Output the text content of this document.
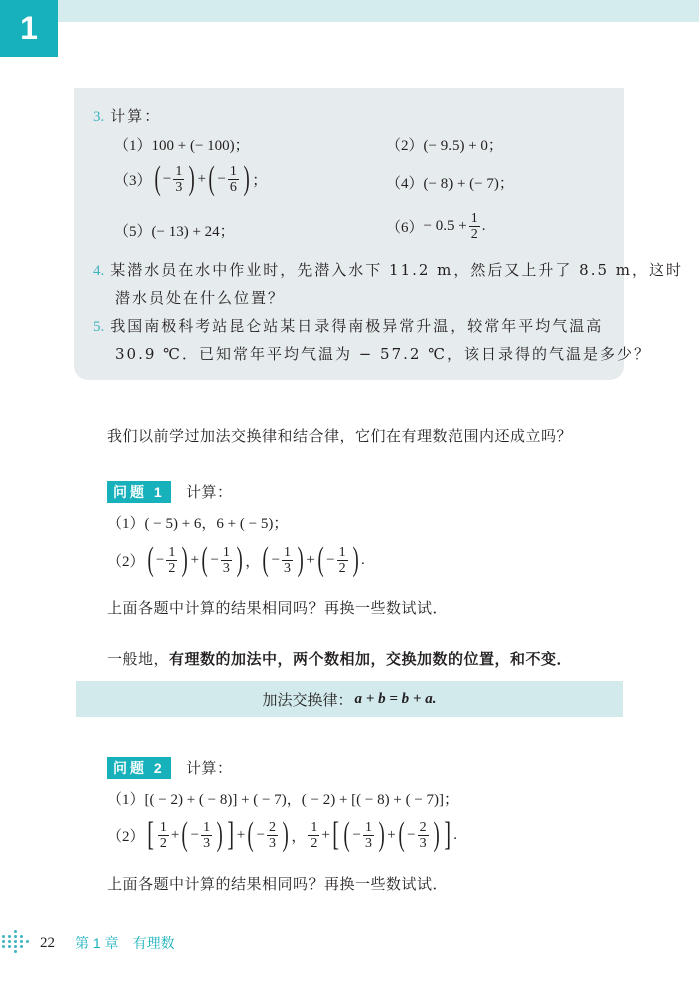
1
3. 计算：
（1） 100 + (− 100)；	（2） (− 9.5) + 0；
（3） ( − $\frac{1}{3}$ ) + ( − $\frac{1}{6}$ ) ；	（4） (− 8) + (− 7)；
（5） (− 13) + 24；	$(6) - 0.5 + \frac{1}{2}$ .
4. 某潜水员在水中作业时，先潜入水下 11.2 m，然后又上升了 8.5 m，这时
潜水员处在什么位置？
5. 我国南极科考站昆仑站某日录得南极异常升温，较常年平均气温高
30.9 ℃．已知常年平均气温为 − 57.2 ℃，该日录得的气温是多少？
我们以前学过加法交换律和结合律，它们在有理数范围内还成立吗？
问题 1 计算：
（1）( − 5) + 6，6 + ( − 5)；
（2） ( − $\frac{1}{2}$ ) + ( − $\frac{1}{3}$ ) ， ( − $\frac{1}{3}$ ) + ( − $\frac{1}{2}$ ) .
上面各题中计算的结果相同吗？再换一些数试试．
一般地，有理数的加法中，两个数相加，交换加数的位置，和不变．
加法交换律： a + b = b + a.
问题 2 计算：
（1）[( − 2) + ( − 8)] + ( − 7)，( − 2) + [( − 8) + ( − 7)]；
（2） [ $\frac{1}{2}$ + ( − $\frac{1}{3}$ ) ] + ( − $\frac{2}{3}$ ) ， $\frac{1}{2}$ + [ ( − $\frac{1}{3}$ ) + ( − $\frac{2}{3}$ ) ] .
上面各题中计算的结果相同吗？再换一些数试试．
22 第 1 章 有理数
